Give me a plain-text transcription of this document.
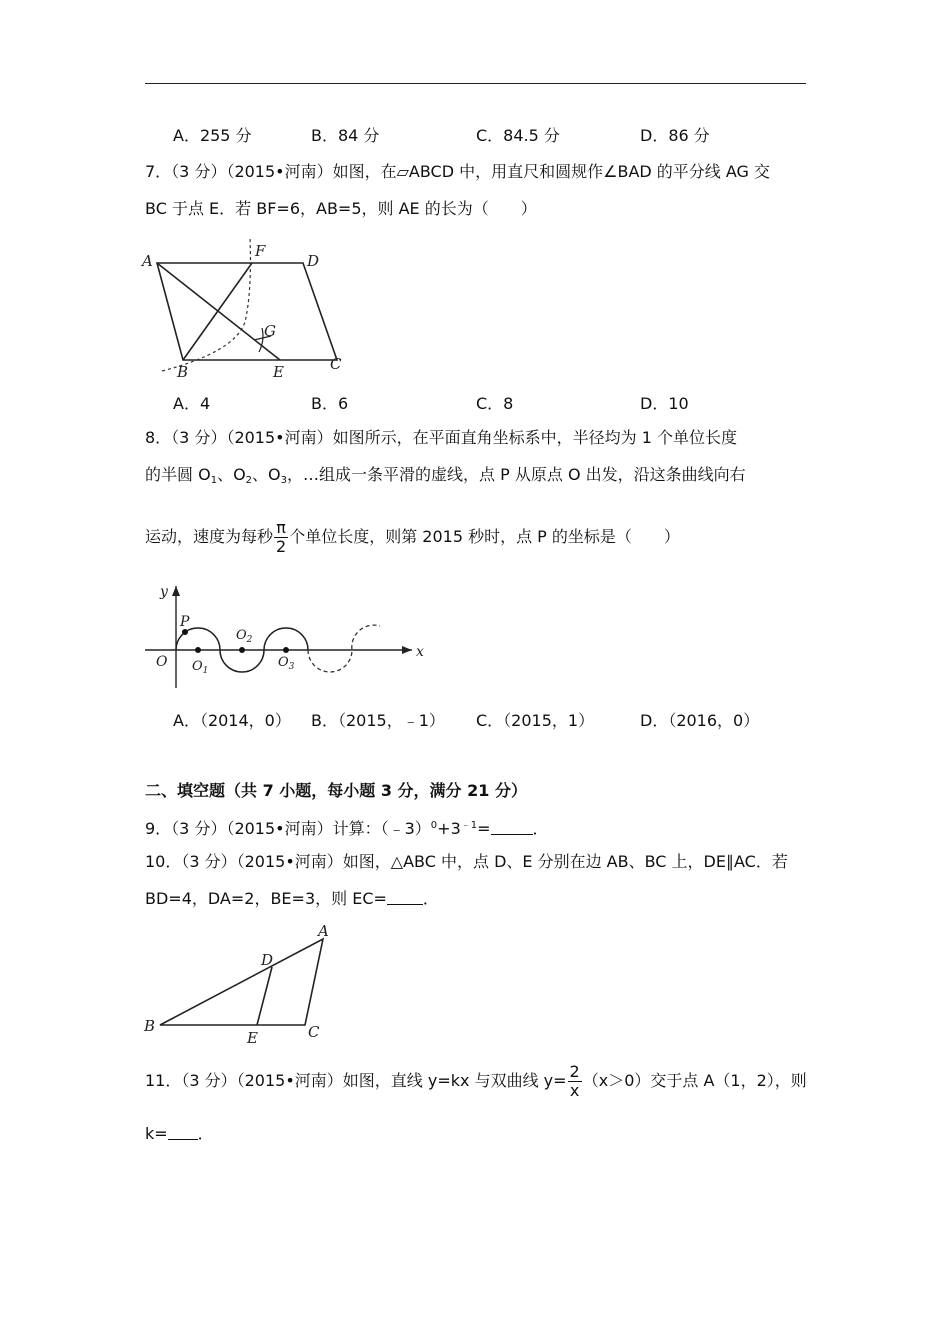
A．255 分	B．84 分	C．84.5 分	D．86 分
7．（3 分）（2015•河南）如图，在▱ABCD 中，用直尺和圆规作∠BAD 的平分线 AG 交
BC 于点 E．若 BF=6，AB=5，则 AE 的长为（　　）
A
F
D
G
B	E	C
A．4	B．6	C．8	D．10
8．（3 分）（2015•河南）如图所示，在平面直角坐标系中，半径均为 1 个单位长度
的半圆 $O_1$、$O_2$、$O_3$，…组成一条平滑的虚线，点 P 从原点 O 出发，沿这条曲线向右
运动，速度为每秒 $\frac{\pi}{2}$ 个单位长度，则第 2015 秒时，点 P 的坐标是（　　）
y
x
P
O $O_1$
$O_2$
$O_3$
A．（2014，0） B．（2015，﹣1） C．（2015，1）	D．（2016，0）
二、填空题（共 7 小题，每小题 3 分，满分 21 分）
9．（3 分）（2015•河南）计算：$(﹣3)^0+3^{﹣1}=$	．
10．（3 分）（2015•河南）如图，△ABC 中，点 D、E 分别在边 AB、BC 上，DE∥AC．若
BD=4，DA=2，BE=3，则 EC= ．
A
D
B
E	C
11．（3 分）（2015•河南）如图，直线 y=kx 与双曲线 $y= \frac{2}{x} (x>0)$交于点 A（1，2），则
k= ．
